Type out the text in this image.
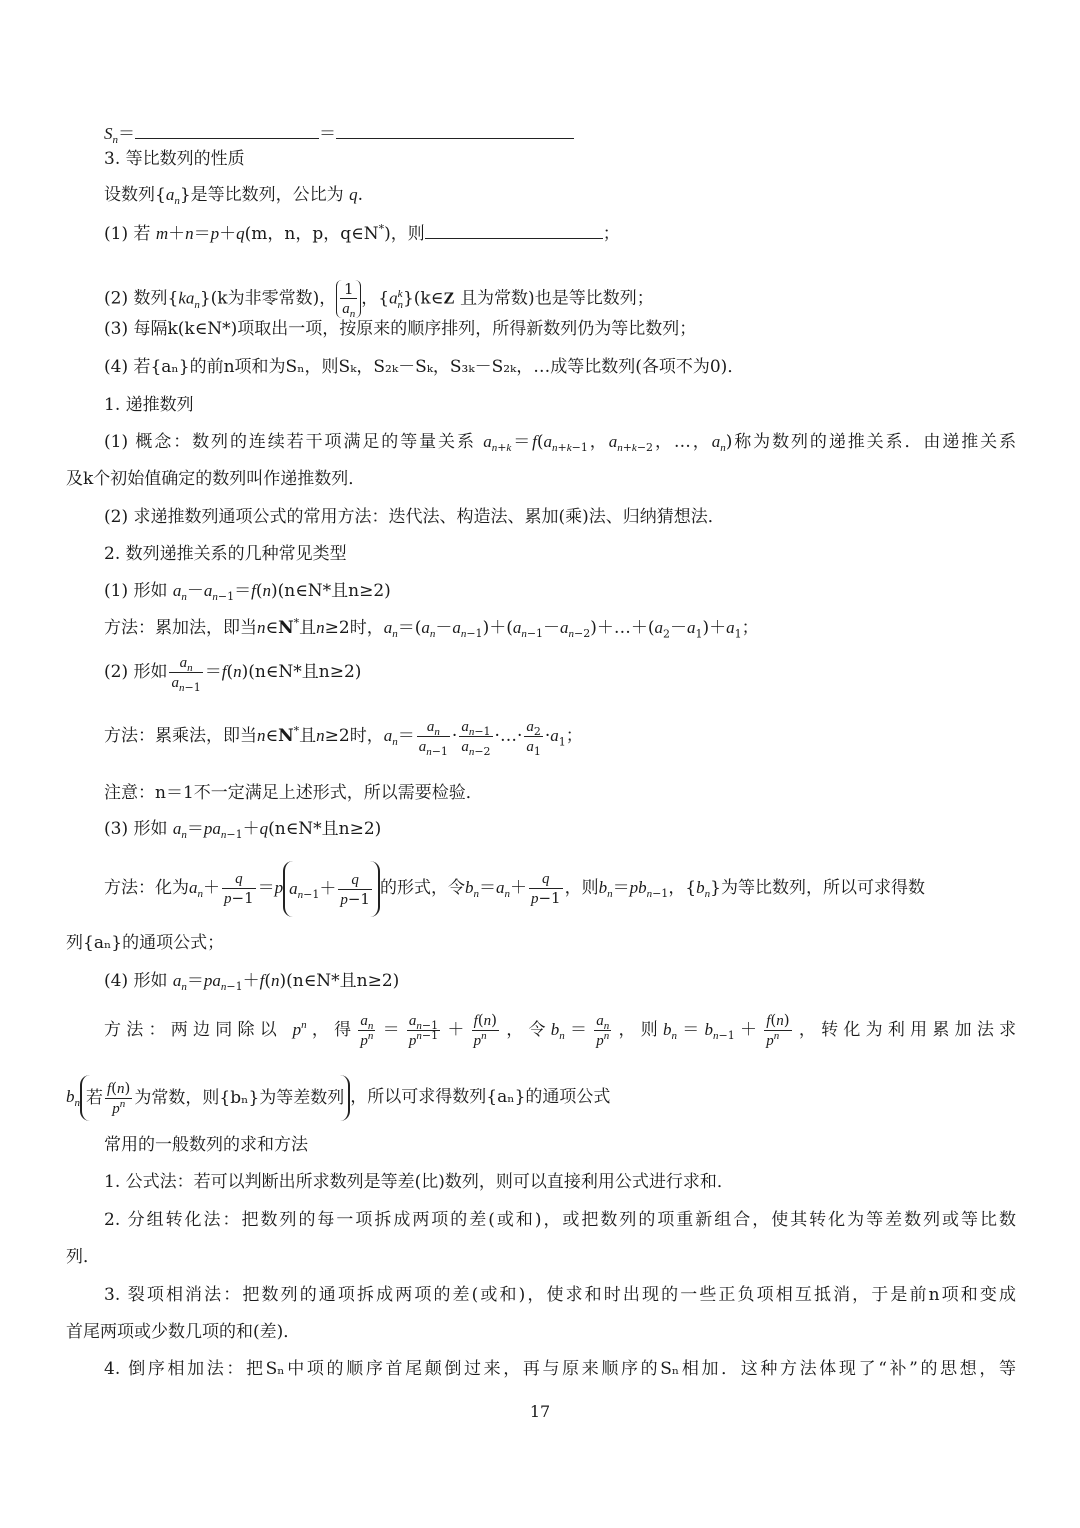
$S_n=$	＝
3. 等比数列的性质
设数列$\{a_n\}$是等比数列，公比为 q.
(1) 若 m＋n＝p＋q(m，n，p，q∈N*)，则	；
(2) 数列$\{ka_n\}(k$为非零常数)， $\frac{1}{a_n}$ ，$\{a^k_n\}(k\in Z$ 且为常数)也是等比数列；
(3) 每隔k(k∈N*)项取出一项，按原来的顺序排列，所得新数列仍为等比数列；
(4) 若{aₙ}的前n项和为Sₙ，则Sₖ，S₂ₖ－Sₖ，S₃ₖ－S₂ₖ，…成等比数列(各项不为0)．
1. 递推数列
(1) 概念：数列的连续若干项满足的等量关系 $a_{n+k}=f(a_{n+k-1}$，$a_{n+k-2}$，…，$a_n$)称为数列的递推关系．由递推关系
及k个初始值确定的数列叫作递推数列．
(2) 求递推数列通项公式的常用方法：迭代法、构造法、累加(乘)法、归纳猜想法．
2. 数列递推关系的几种常见类型
(1) 形如 $a_n-a_{n-1}=f(n)(n\in N*$且n≥2)
方法：累加法，即当n∈N*且n≥2时，$a_n=(a_n-a_{n-1})+(a_{n-1}-a_{n-2})+\dots+(a_2-a_1)+a_1$；
(2) 形如 $\frac{a_n}{a_{n-1}}$ ＝f(n)(n∈N*且n≥2)
方法：累乘法，即当n∈N*且n≥2时，$a_n= \frac{a_n}{a_{n-1}} \cdot \frac{a_{n-1}}{a_{n-2}}$ ·…· $\frac{a_2}{a_1} \cdot a_1$；
注意：n＝1不一定满足上述形式，所以需要检验．
(3) 形如 $a_n=pa_{n-1}+q(n\in N*$且n≥2)
方法：化为$a_n+ \frac{q}{p-1} =p$ $a_{n-1}+ \frac{q}{p-1}$ 的形式，令$b_n=a_n+ \frac{q}{p-1}$ ，则$b_n=pb_{n-1}$，$\{b_n\}$为等比数列，所以可求得数
列{aₙ}的通项公式；
(4) 形如 $a_n=pa_{n-1}+f(n)(n\in N*$且n≥2)
方法：两边同除以 $p^n$，得 $\frac{a_n}{p^n} = \frac{a_{n-1}}{p^{n-1}} + \frac{f(n)}{p^n}$ ，令$b_n= \frac{a_n}{p^n}$ ，则$b_n=b_{n-1}+ \frac{f(n)}{p^n}$ ，转化为利用累加法求
$b_n$ 若 $\frac{f(n)}{p^n}$ 为常数，则{bₙ}为等差数列 ，所以可求得数列{aₙ}的通项公式
常用的一般数列的求和方法
1. 公式法：若可以判断出所求数列是等差(比)数列，则可以直接利用公式进行求和．
2. 分组转化法：把数列的每一项拆成两项的差(或和)，或把数列的项重新组合，使其转化为等差数列或等比数
列．
3. 裂项相消法：把数列的通项拆成两项的差(或和)，使求和时出现的一些正负项相互抵消，于是前n项和变成
首尾两项或少数几项的和(差)．
4. 倒序相加法：把Sₙ中项的顺序首尾颠倒过来，再与原来顺序的Sₙ相加．这种方法体现了“补”的思想，等
17
